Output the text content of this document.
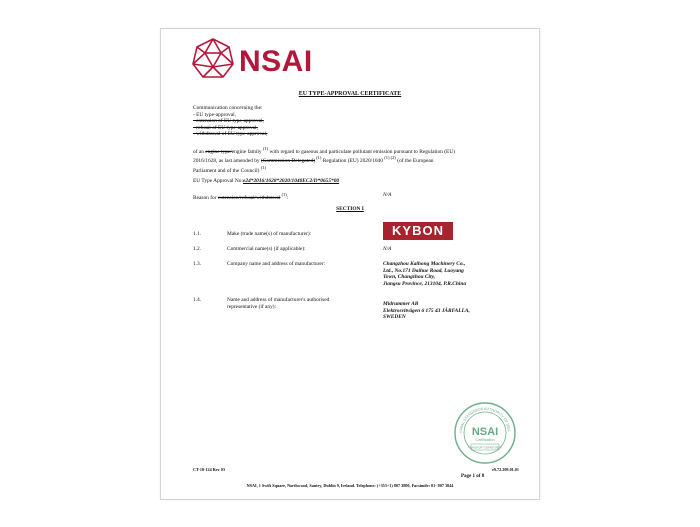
NSAI
EU TYPE-APPROVAL CERTIFICATE
Communication concerning the:
- EU type-approval,
- extension of EU type-approval,
- refusal of EU type-approval,
- withdrawal of EU type-approval,
of an engine type/engine family $^{(1)}$ with regard to gaseous and particulate pollutant emission pursuant to Regulation (EU)
2016/1628, as last amended by (Commission Delegated) $^{(1)}$ Regulation (EU) 2020/1040 $^{(1) (2)}$ (of the European
Parliament and of the Council) $^{(1)}$
EU Type Approval No:e24*2016/1628*2020/1040EC2/D*0655*00
Reason for extension/refusal/withdrawal $^{(1)}$:	N/A
SECTION I
1.1.	Make (trade name(s) of manufacturer):	KYBON
1.2.	Commercial name(s) (if applicable):	N/A
1.3.	Company name and address of manufacturer:	Changzhou Kaihong Machinery Co.,
Ltd., No.171 Daihue Road, Luoyang
Town, Changzhou City,
Jiangsu Province, 213104, P.R.China
1.4.	Name and address of manufacturer's authorised
representative (if any):	Midrummer AB
Elektrosvitvägen 6 175 43 JÄRFALLA,
SWEDEN
IONAL STANDARDS AUTHORITY OF IREL
NSAI
Certification
TRANSPORT DEPARTMENT
CT-10-124 Rev 03	e9.72.209.01.01
Page 1 of 8
NSAI, 1 Swift Square, Northwood, Santry, Dublin 9, Ireland. Telephone: (+353+1) 807 3800, Facsimile: 01- 807 3844
